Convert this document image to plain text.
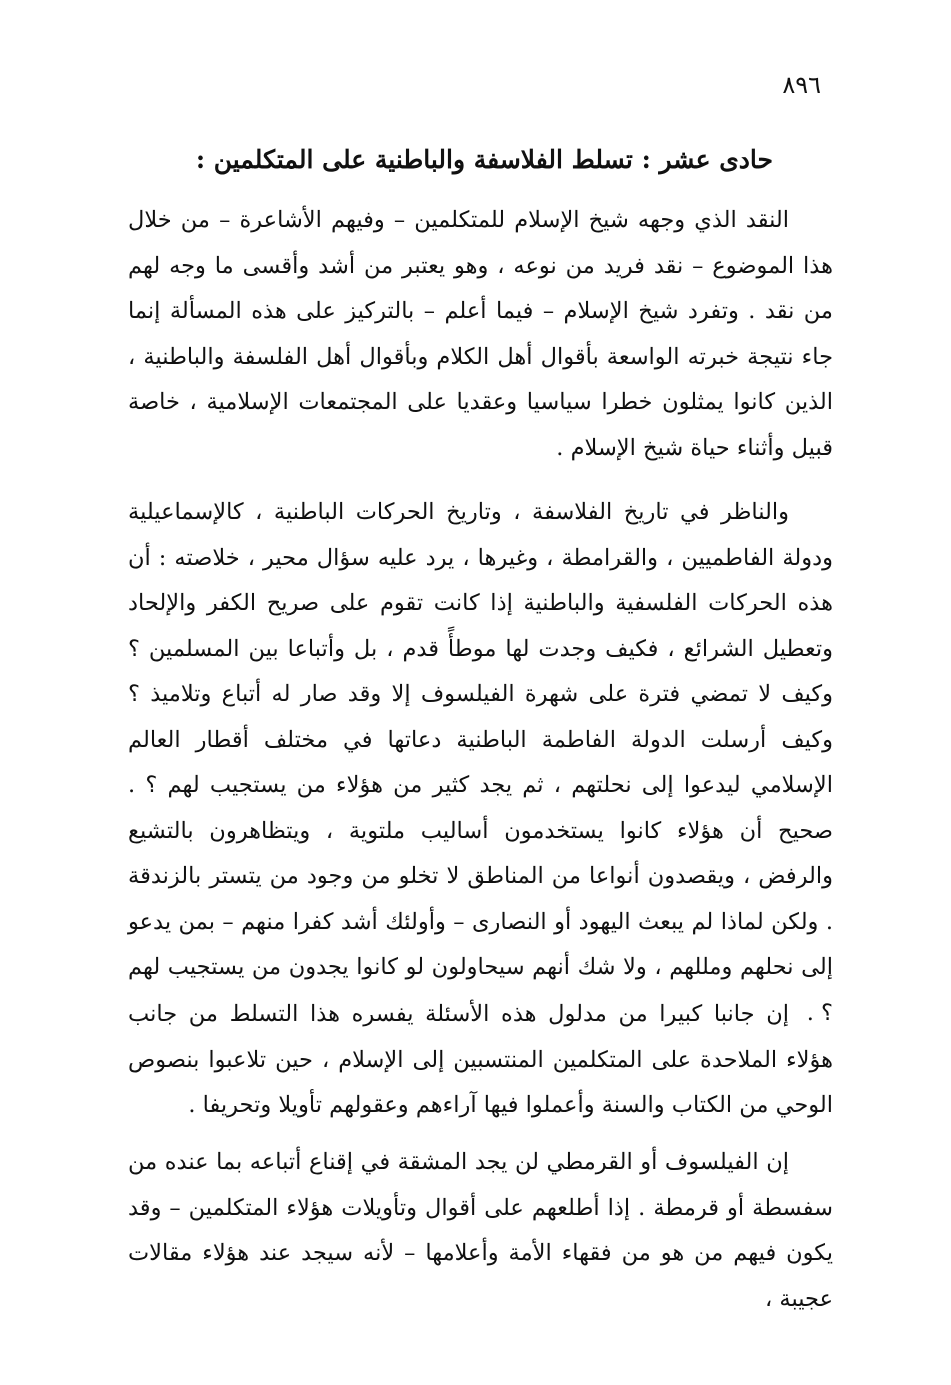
٨٩٦
حادى عشر : تسلط الفلاسفة والباطنية على المتكلمين :

النقد الذي وجهه شيخ الإسلام للمتكلمين – وفيهم الأشاعرة – من خلال هذا الموضوع – نقد فريد من نوعه ، وهو يعتبر من أشد وأقسى ما وجه لهم من نقد . وتفرد شيخ الإسلام – فيما أعلم – بالتركيز على هذه المسألة إنما جاء نتيجة خبرته الواسعة بأقوال أهل الكلام وبأقوال أهل الفلسفة والباطنية ، الذين كانوا يمثلون خطرا سياسيا وعقديا على المجتمعات الإسلامية ، خاصة قبيل وأثناء حياة شيخ الإسلام .

والناظر في تاريخ الفلاسفة ، وتاريخ الحركات الباطنية ، كالإسماعيلية ودولة الفاطميين ، والقرامطة ، وغيرها ، يرد عليه سؤال محير ، خلاصته : أن هذه الحركات الفلسفية والباطنية إذا كانت تقوم على صريح الكفر والإلحاد وتعطيل الشرائع ، فكيف وجدت لها موطأً قدم ، بل وأتباعا بين المسلمين ؟ وكيف لا تمضي فترة على شهرة الفيلسوف إلا وقد صار له أتباع وتلاميذ ؟ وكيف أرسلت الدولة الفاطمة الباطنية دعاتها في مختلف أقطار العالم الإسلامي ليدعوا إلى نحلتهم ، ثم يجد كثير من هؤلاء من يستجيب لهم ؟ . صحيح أن هؤلاء كانوا يستخدمون أساليب ملتوية ، ويتظاهرون بالتشيع والرفض ، ويقصدون أنواعا من المناطق لا تخلو من وجود من يتستر بالزندقة . ولكن لماذا لم يبعث اليهود أو النصارى – وأولئك أشد كفرا منهم – بمن يدعو إلى نحلهم ومللهم ، ولا شك أنهم سيحاولون لو كانوا يجدون من يستجيب لهم ؟ .

إن جانبا كبيرا من مدلول هذه الأسئلة يفسره هذا التسلط من جانب هؤلاء الملاحدة على المتكلمين المنتسبين إلى الإسلام ، حين تلاعبوا بنصوص الوحي من الكتاب والسنة وأعملوا فيها آراءهم وعقولهم تأويلا وتحريفا .

إن الفيلسوف أو القرمطي لن يجد المشقة في إقناع أتباعه بما عنده من سفسطة أو قرمطة . إذا أطلعهم على أقوال وتأويلات هؤلاء المتكلمين – وقد يكون فيهم من هو من فقهاء الأمة وأعلامها – لأنه سيجد عند هؤلاء مقالات عجيبة ،
